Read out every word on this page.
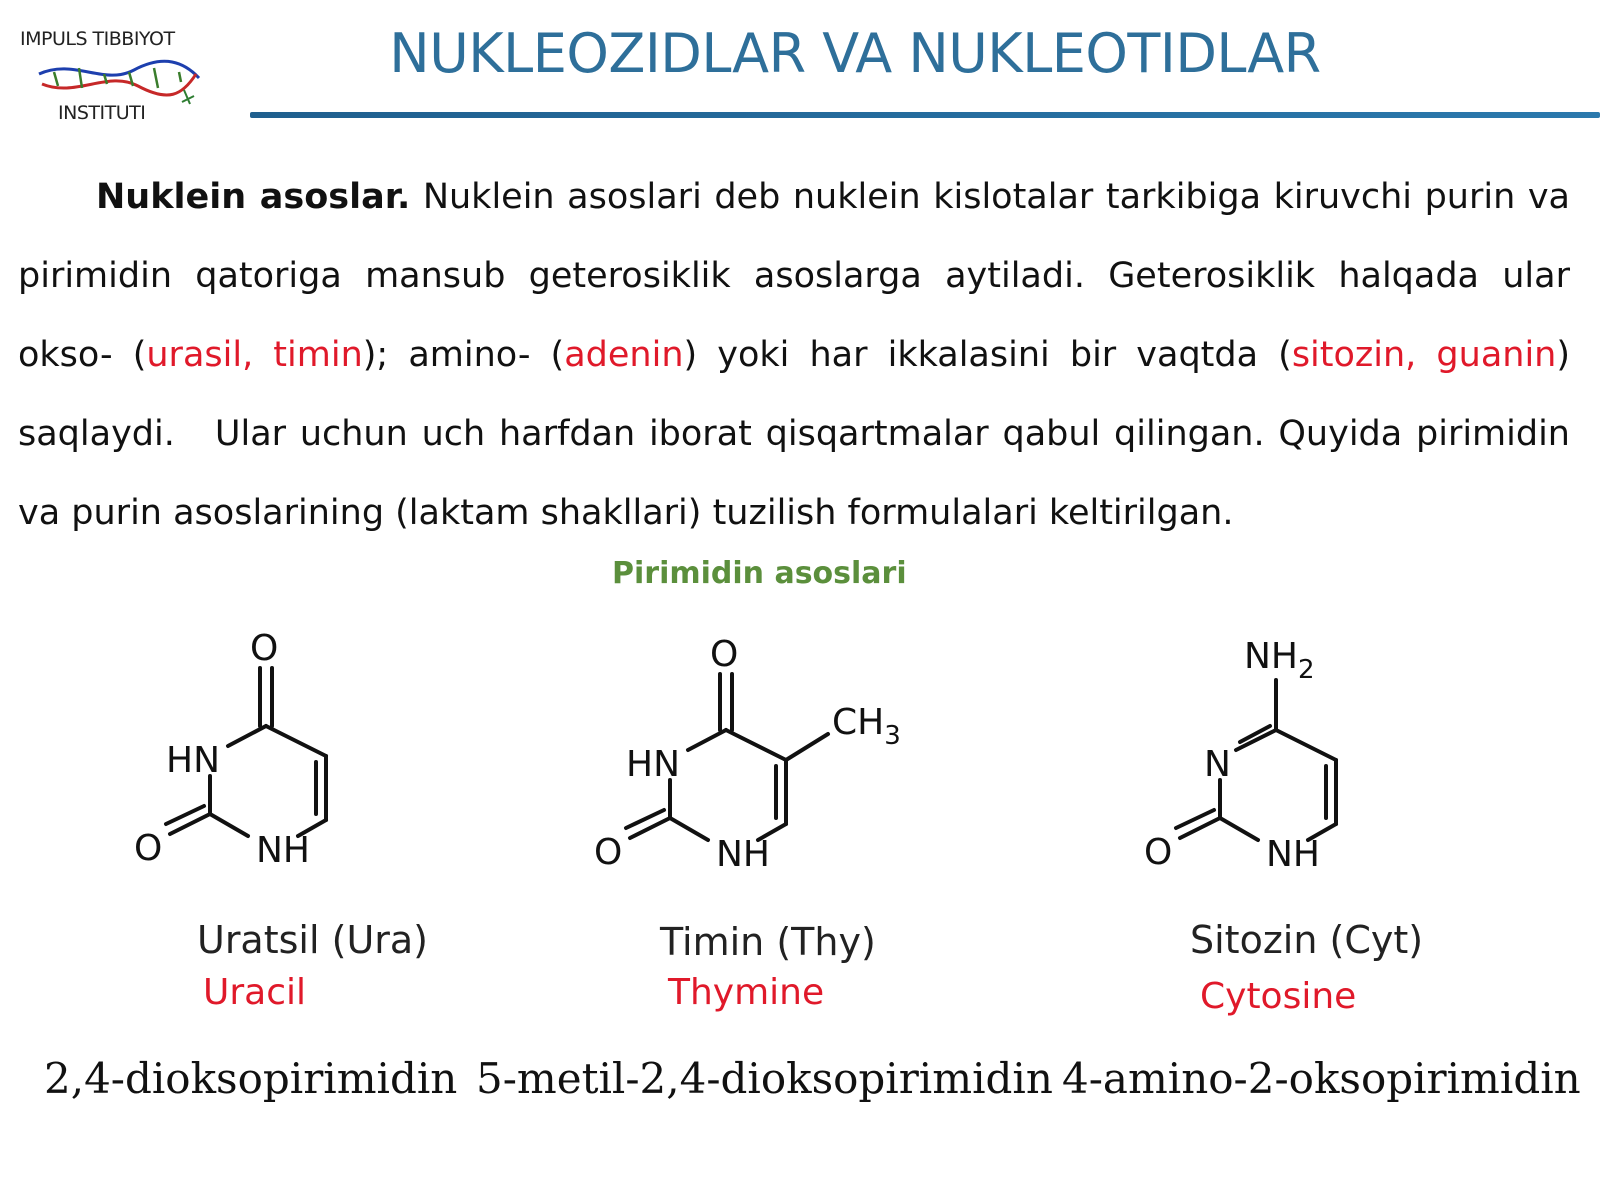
IMPULS TIBBIYOT
INSTITUTI
NUKLEOZIDLAR VA NUKLEOTIDLAR

Nuklein asoslar. Nuklein asoslari deb nuklein kislotalar tarkibiga kiruvchi purin va pirimidin qatoriga mansub geterosiklik asoslarga aytiladi. Geterosiklik halqada ular okso- (urasil, timin); amino- (adenin) yoki har ikkalasini bir vaqtda (sitozin, guanin) saqlaydi. Ular uchun uch harfdan iborat qisqartmalar qabul qilingan. Quyida pirimidin va purin asoslarining (laktam shakllari) tuzilish formulalari keltirilgan.

Pirimidin asoslari
O
HN
O	NH
O
$CH_3$
HN
O	NH
$NH_2$
N
O	NH
Uratsil (Ura)
Uracil
Timin (Thy)
Thymine
Sitozin (Cyt)
Cytosine
2,4-dioksopirimidin 5-metil-2,4-dioksopirimidin 4-amino-2-oksopirimidin
